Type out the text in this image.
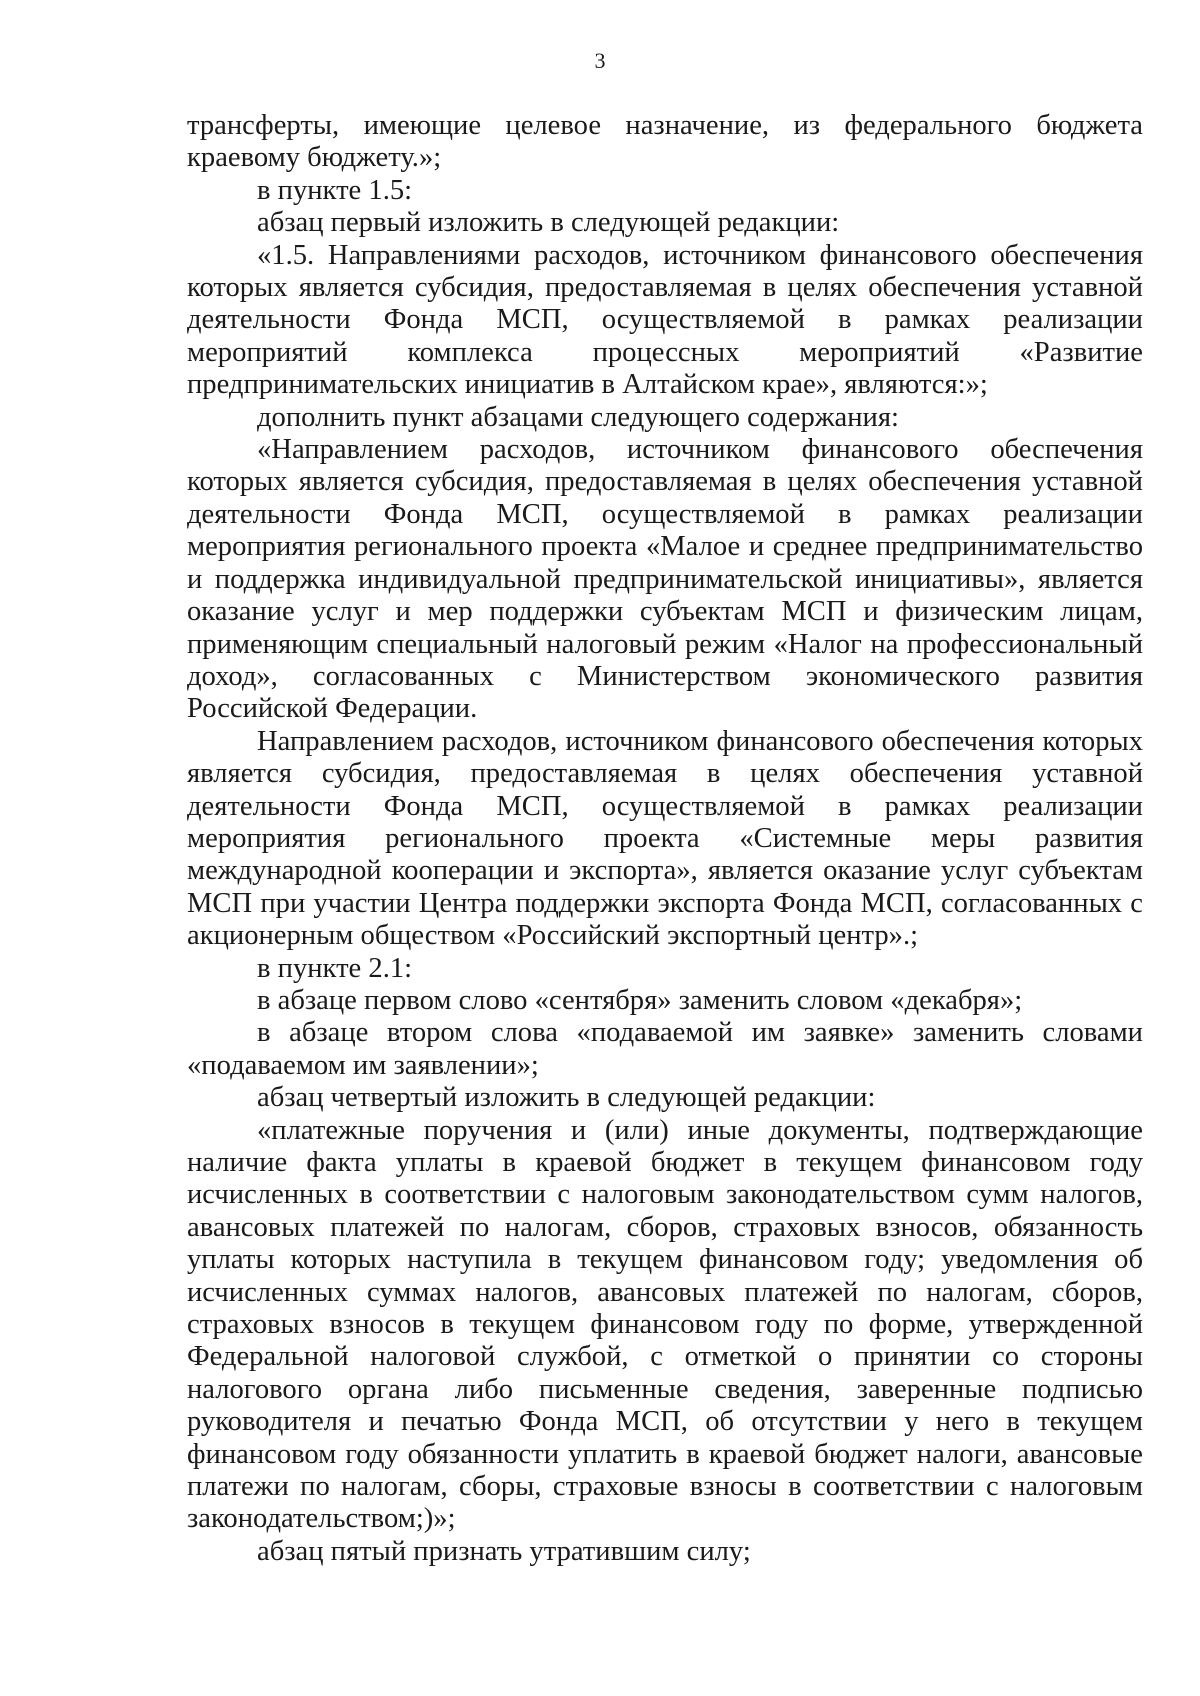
3

трансферты, имеющие целевое назначение, из федерального бюджета краевому бюджету.»;

в пункте 1.5:

абзац первый изложить в следующей редакции:

«1.5. Направлениями расходов, источником финансового обеспечения которых является субсидия, предоставляемая в целях обеспечения уставной деятельности Фонда МСП, осуществляемой в рамках реализации мероприятий комплекса процессных мероприятий «Развитие предпринимательских инициатив в Алтайском крае», являются:»;

дополнить пункт абзацами следующего содержания:

«Направлением расходов, источником финансового обеспечения которых является субсидия, предоставляемая в целях обеспечения уставной деятельности Фонда МСП, осуществляемой в рамках реализации мероприятия регионального проекта «Малое и среднее предпринимательство и поддержка индивидуальной предпринимательской инициативы», является оказание услуг и мер поддержки субъектам МСП и физическим лицам, применяющим специальный налоговый режим «Налог на профессиональный доход», согласованных с Министерством экономического развития Российской Федерации.

Направлением расходов, источником финансового обеспечения которых является субсидия, предоставляемая в целях обеспечения уставной деятельности Фонда МСП, осуществляемой в рамках реализации мероприятия регионального проекта «Системные меры развития международной кооперации и экспорта», является оказание услуг субъектам МСП при участии Центра поддержки экспорта Фонда МСП, согласованных с акционерным обществом «Российский экспортный центр».;

в пункте 2.1:

в абзаце первом слово «сентября» заменить словом «декабря»;

в абзаце втором слова «подаваемой им заявке» заменить словами «подаваемом им заявлении»;

абзац четвертый изложить в следующей редакции:

«платежные поручения и (или) иные документы, подтверждающие наличие факта уплаты в краевой бюджет в текущем финансовом году исчисленных в соответствии с налоговым законодательством сумм налогов, авансовых платежей по налогам, сборов, страховых взносов, обязанность уплаты которых наступила в текущем финансовом году; уведомления об исчисленных суммах налогов, авансовых платежей по налогам, сборов, страховых взносов в текущем финансовом году по форме, утвержденной Федеральной налоговой службой, с отметкой о принятии со стороны налогового органа либо письменные сведения, заверенные подписью руководителя и печатью Фонда МСП, об отсутствии у него в текущем финансовом году обязанности уплатить в краевой бюджет налоги, авансовые платежи по налогам, сборы, страховые взносы в соответствии с налоговым законодательством;)»;

абзац пятый признать утратившим силу;
